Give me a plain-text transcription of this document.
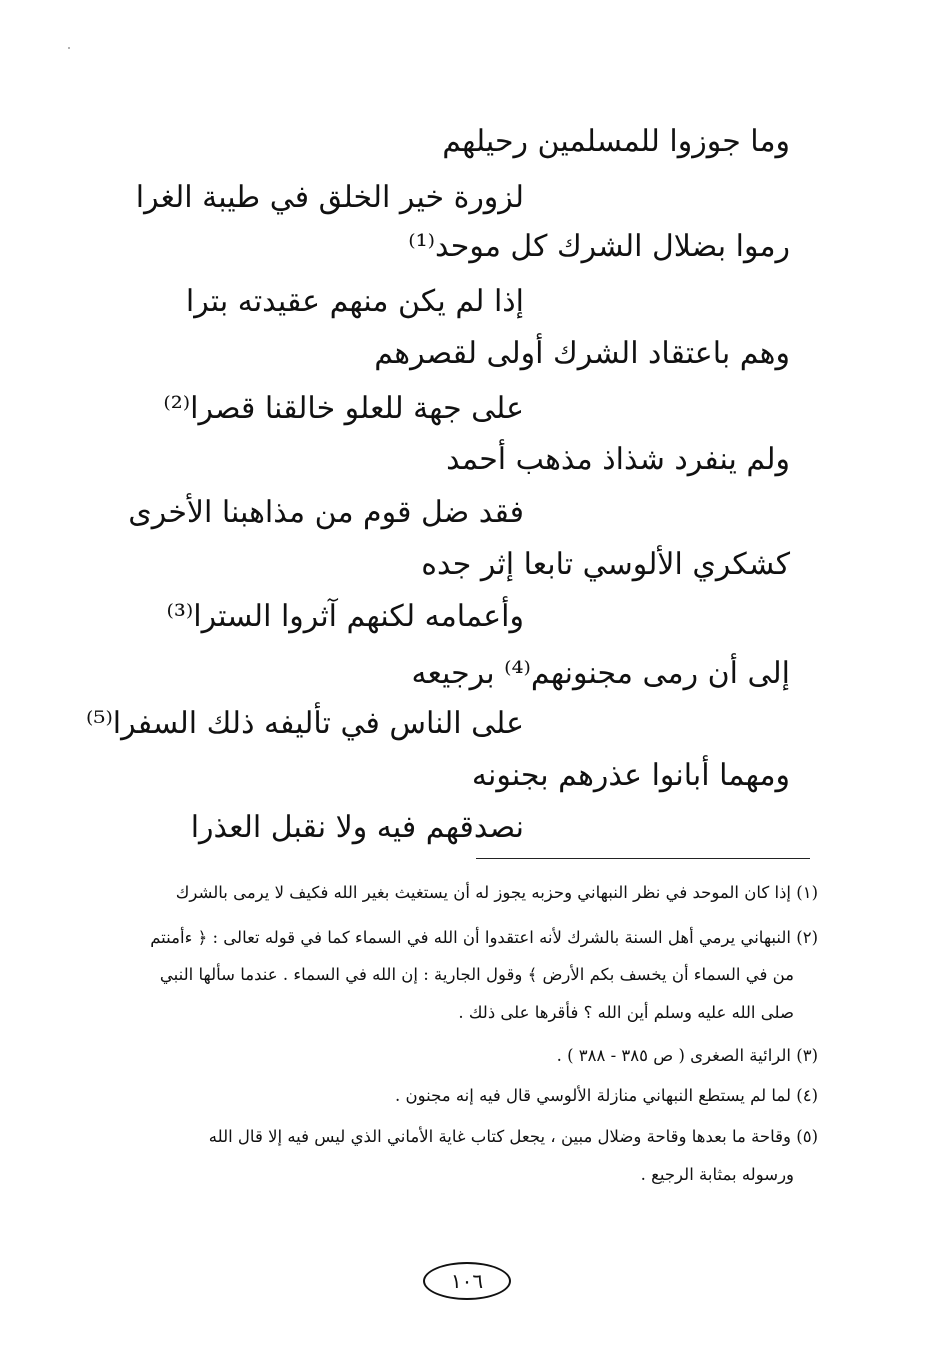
وما جوزوا للمسلمين رحيلهم
لزورة خير الخلق في طيبة الغرا
رموا بضلال الشرك كل موحد⁽¹⁾
إذا لم يكن منهم عقيدته بترا
وهم باعتقاد الشرك أولى لقصرهم
على جهة للعلو خالقنا قصرا⁽²⁾
ولم ينفرد شذاذ مذهب أحمد
فقد ضل قوم من مذاهبنا الأخرى
كشكري الألوسي تابعا إثر جده
وأعمامه لكنهم آثروا السترا⁽³⁾
إلى أن رمى مجنونهم⁽⁴⁾ برجيعه
على الناس في تأليفه ذلك السفرا⁽⁵⁾
ومهما أبانوا عذرهم بجنونه
نصدقهم فيه ولا نقبل العذرا
(١) إذا كان الموحد في نظر النبهاني وحزبه يجوز له أن يستغيث بغير الله فكيف لا يرمى بالشرك
(٢) النبهاني يرمي أهل السنة بالشرك لأنه اعتقدوا أن الله في السماء كما في قوله تعالى : ﴿ ءأمنتم
من في السماء أن يخسف بكم الأرض ﴾ وقول الجارية : إن الله في السماء . عندما سألها النبي
صلى الله عليه وسلم أين الله ؟ فأقرها على ذلك .
(٣) الرائية الصغرى ( ص ٣٨٥ - ٣٨٨ ) .
(٤) لما لم يستطع النبهاني منازلة الألوسي قال فيه إنه مجنون .
(٥) وقاحة ما بعدها وقاحة وضلال مبين ، يجعل كتاب غاية الأماني الذي ليس فيه إلا قال الله
ورسوله بمثابة الرجيع .
١٠٦
